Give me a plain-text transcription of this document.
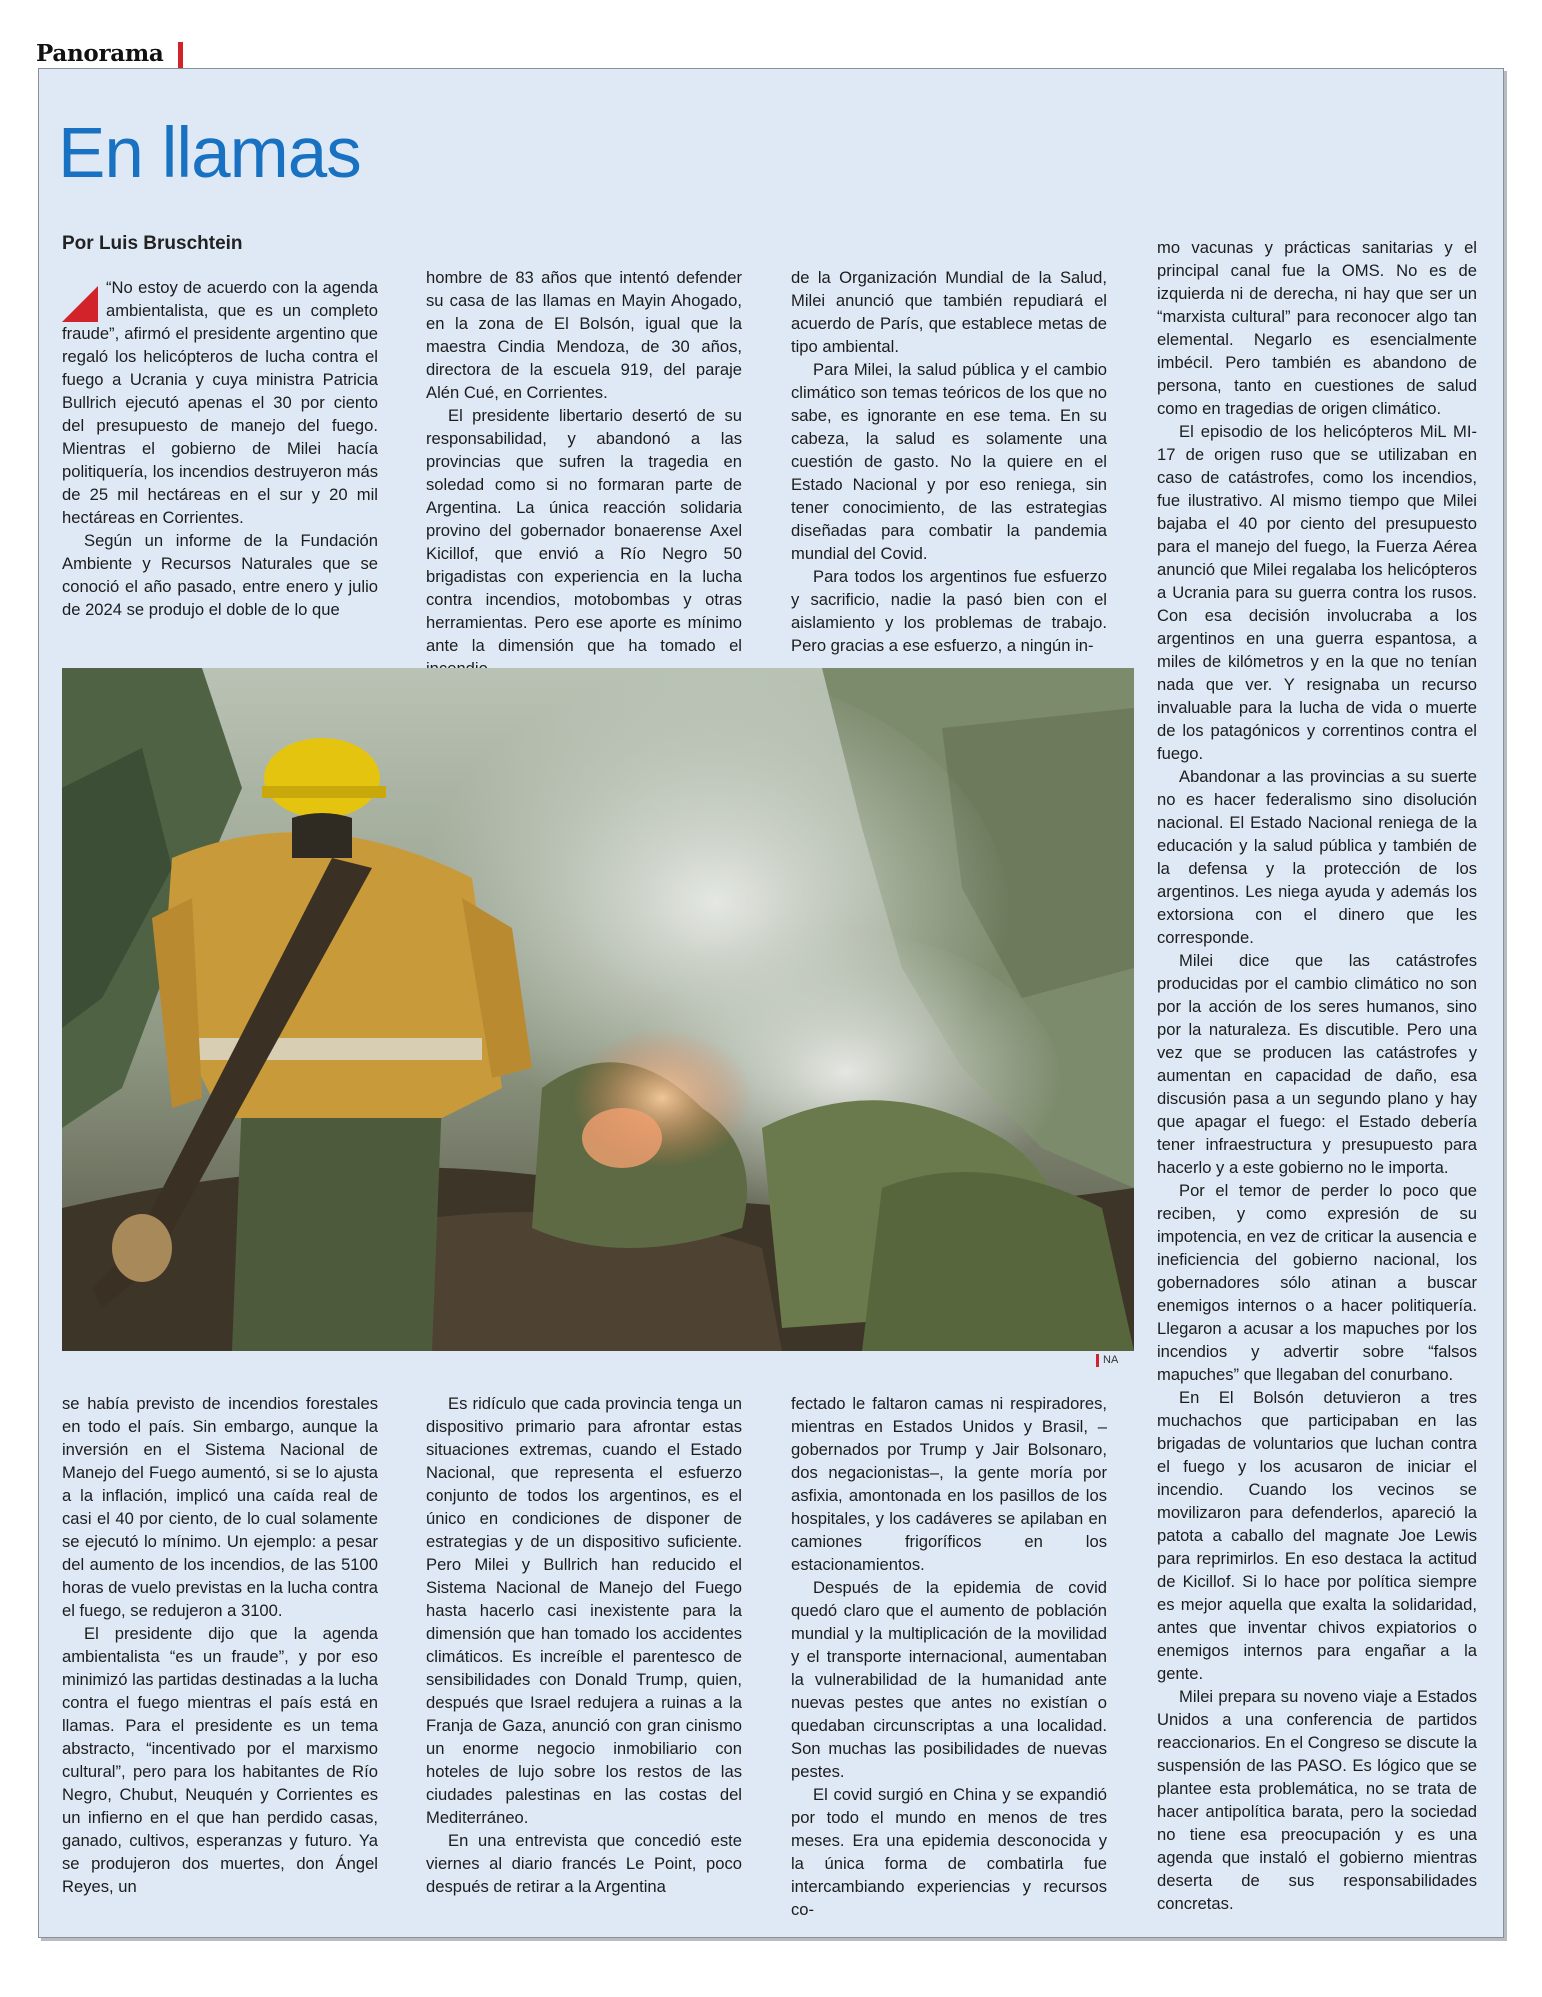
Panorama
En llamas
Por Luis Bruschtein

“No estoy de acuerdo con la agenda ambientalista, que es un completo fraude”, afirmó el presidente argentino que regaló los helicópteros de lucha contra el fuego a Ucrania y cuya ministra Patricia Bullrich ejecutó apenas el 30 por ciento del presupuesto de manejo del fuego. Mientras el gobierno de Milei hacía politiquería, los incendios destruyeron más de 25 mil hectáreas en el sur y 20 mil hectáreas en Corrientes.

Según un informe de la Fundación Ambiente y Recursos Naturales que se conoció el año pasado, entre enero y julio de 2024 se produjo el doble de lo que

hombre de 83 años que intentó defender su casa de las llamas en Mayin Ahogado, en la zona de El Bolsón, igual que la maestra Cindia Mendoza, de 30 años, directora de la escuela 919, del paraje Alén Cué, en Corrientes.

El presidente libertario desertó de su responsabilidad, y abandonó a las provincias que sufren la tragedia en soledad como si no formaran parte de Argentina. La única reacción solidaria provino del gobernador bonaerense Axel Kicillof, que envió a Río Negro 50 brigadistas con experiencia en la lucha contra incendios, motobombas y otras herramientas. Pero ese aporte es mínimo ante la dimensión que ha tomado el

de la Organización Mundial de la Salud, Milei anunció que también repudiará el acuerdo de París, que establece metas de tipo ambiental.

Para Milei, la salud pública y el cambio climático son temas teóricos de los que no sabe, es ignorante en ese tema. En su cabeza, la salud es solamente una cuestión de gasto. No la quiere en el Estado Nacional y por eso reniega, sin tener conocimiento, de las estrategias diseñadas para combatir la pandemia mundial del Covid.

Para todos los argentinos fue esfuerzo y sacrificio, nadie la pasó bien con el aislamiento y los problemas de trabajo. Pero gracias a ese esfuerzo, a ningún in-

mo vacunas y prácticas sanitarias y el principal canal fue la OMS. No es de izquierda ni de derecha, ni hay que ser un “marxista cultural” para reconocer algo tan elemental. Negarlo es esencialmente imbécil. Pero también es abandono de persona, tanto en cuestiones de salud como en tragedias de origen climático.

El episodio de los helicópteros MiL MI-17 de origen ruso que se utilizaban en caso de catástrofes, como los incendios, fue ilustrativo. Al mismo tiempo que Milei bajaba el 40 por ciento del presupuesto para el manejo del fuego, la Fuerza Aérea anunció que Milei regalaba los helicópteros a Ucrania para su guerra contra los rusos. Con esa decisión involucraba a los argentinos en una guerra espantosa, a miles de kilómetros y en la que no tenían nada que ver. Y resignaba un recurso invaluable para la lucha de vida o muerte de los patagónicos y correntinos contra el fuego.

Abandonar a las provincias a su suerte no es hacer federalismo sino disolución nacional. El Estado Nacional reniega de la educación y la salud pública y también de la defensa y la protección de los argentinos. Les niega ayuda y además los extorsiona con el dinero que les corresponde.

Milei dice que las catástrofes producidas por el cambio climático no son por la acción de los seres humanos, sino por la naturaleza. Es discutible. Pero una vez que se producen las catástrofes y aumentan en capacidad de daño, esa discusión pasa a un segundo plano y hay que apagar el fuego: el Estado debería tener infraestructura y presupuesto para hacerlo y a este gobierno no le importa.

Por el temor de perder lo poco que reciben, y como expresión de su impotencia, en vez de criticar la ausencia e ineficiencia del gobierno nacional, los gobernadores sólo atinan a buscar enemigos internos o a hacer politiquería. Llegaron a acusar a los mapuches por los incendios y advertir sobre “falsos mapuches” que llegaban del conurbano.

En El Bolsón detuvieron a tres muchachos que participaban en las brigadas de voluntarios que luchan contra el fuego y los acusaron de iniciar el incendio. Cuando los vecinos se movilizaron para defenderlos, apareció la patota a caballo del magnate Joe Lewis para reprimirlos. En eso destaca la actitud de Kicillof. Si lo hace por política siempre es mejor aquella que exalta la solidaridad, antes que inventar chivos expiatorios o enemigos internos para engañar a la gente.

Milei prepara su noveno viaje a Estados Unidos a una conferencia de partidos reaccionarios. En el Congreso se discute la suspensión de las PASO. Es lógico que se plantee esta problemática, no se trata de hacer antipolítica barata, pero la sociedad no tiene esa preocupación y es una agenda que instaló el gobierno mientras deserta de sus responsabilidades concretas.

NA

se había previsto de incendios forestales en todo el país. Sin embargo, aunque la inversión en el Sistema Nacional de Manejo del Fuego aumentó, si se lo ajusta a la inflación, implicó una caída real de casi el 40 por ciento, de lo cual solamente se ejecutó lo mínimo. Un ejemplo: a pesar del aumento de los incendios, de las 5100 horas de vuelo previstas en la lucha contra el fuego, se redujeron a 3100.

El presidente dijo que la agenda ambientalista “es un fraude”, y por eso minimizó las partidas destinadas a la lucha contra el fuego mientras el país está en llamas. Para el presidente es un tema abstracto, “incentivado por el marxismo cultural”, pero para los habitantes de Río Negro, Chubut, Neuquén y Corrientes es un infierno en el que han perdido casas, ganado, cultivos, esperanzas y futuro. Ya se produjeron dos muertes, don Ángel Reyes, un

Es ridículo que cada provincia tenga un dispositivo primario para afrontar estas situaciones extremas, cuando el Estado Nacional, que representa el esfuerzo conjunto de todos los argentinos, es el único en condiciones de disponer de estrategias y de un dispositivo suficiente. Pero Milei y Bullrich han reducido el Sistema Nacional de Manejo del Fuego hasta hacerlo casi inexistente para la dimensión que han tomado los accidentes climáticos. Es increíble el parentesco de sensibilidades con Donald Trump, quien, después que Israel redujera a ruinas a la Franja de Gaza, anunció con gran cinismo un enorme negocio inmobiliario con hoteles de lujo sobre los restos de las ciudades palestinas en las costas del Mediterráneo.

En una entrevista que concedió este viernes al diario francés Le Point, poco después de retirar a la Argentina

fectado le faltaron camas ni respiradores, mientras en Estados Unidos y Brasil, –gobernados por Trump y Jair Bolsonaro, dos negacionistas–, la gente moría por asfixia, amontonada en los pasillos de los hospitales, y los cadáveres se apilaban en camiones frigoríficos en los estacionamientos.

Después de la epidemia de covid quedó claro que el aumento de población mundial y la multiplicación de la movilidad y el transporte internacional, aumentaban la vulnerabilidad de la humanidad ante nuevas pestes que antes no existían o quedaban circunscriptas a una localidad. Son muchas las posibilidades de nuevas pestes.

El covid surgió en China y se expandió por todo el mundo en menos de tres meses. Era una epidemia desconocida y la única forma de combatirla fue intercambiando experiencias y recursos co-
